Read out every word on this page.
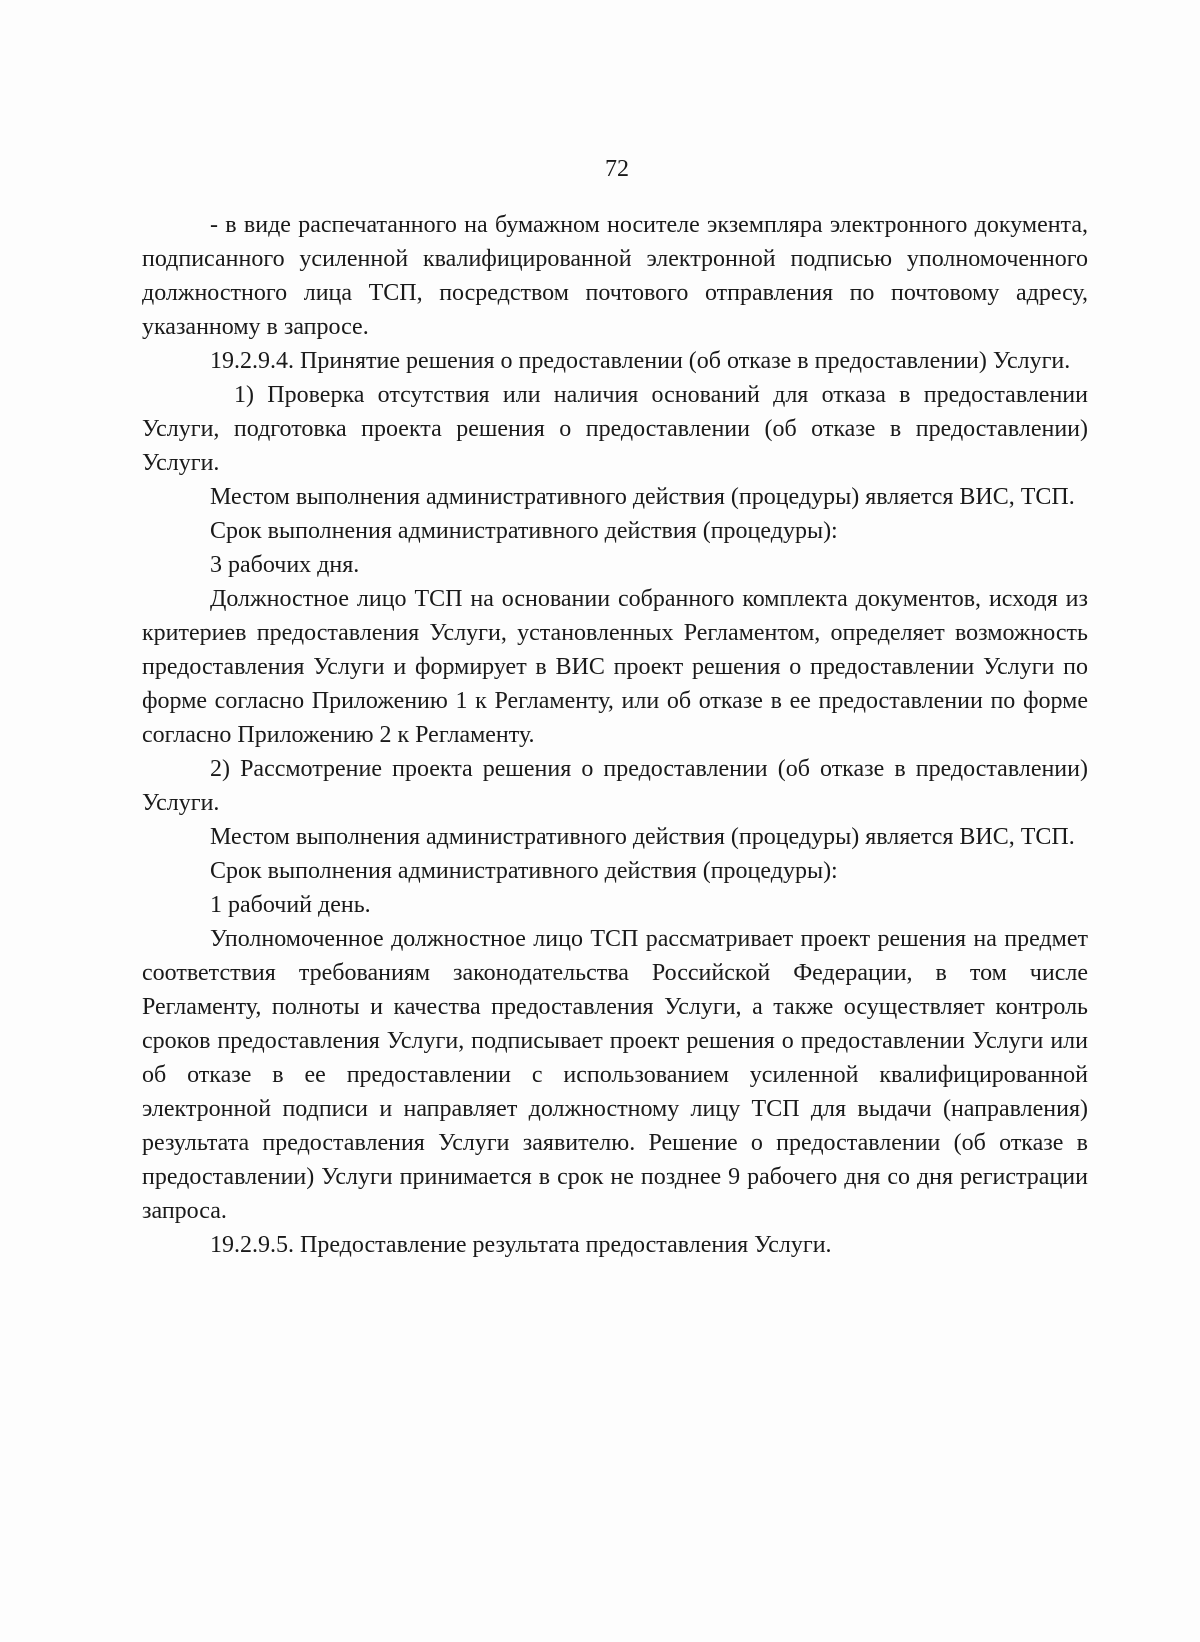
72

- в виде распечатанного на бумажном носителе экземпляра электронного документа, подписанного усиленной квалифицированной электронной подписью уполномоченного должностного лица ТСП, посредством почтового отправления по почтовому адресу, указанному в запросе.

19.2.9.4. Принятие решения о предоставлении (об отказе в предоставлении) Услуги.

1) Проверка отсутствия или наличия оснований для отказа в предоставлении Услуги, подготовка проекта решения о предоставлении (об отказе в предоставлении) Услуги.

Местом выполнения административного действия (процедуры) является ВИС, ТСП.

Срок выполнения административного действия (процедуры):

3 рабочих дня.

Должностное лицо ТСП на основании собранного комплекта документов, исходя из критериев предоставления Услуги, установленных Регламентом, определяет возможность предоставления Услуги и формирует в ВИС проект решения о предоставлении Услуги по форме согласно Приложению 1 к Регламенту, или об отказе в ее предоставлении по форме согласно Приложению 2 к Регламенту.

2) Рассмотрение проекта решения о предоставлении (об отказе в предоставлении) Услуги.

Местом выполнения административного действия (процедуры) является ВИС, ТСП.

Срок выполнения административного действия (процедуры):

1 рабочий день.

Уполномоченное должностное лицо ТСП рассматривает проект решения на предмет соответствия требованиям законодательства Российской Федерации, в том числе Регламенту, полноты и качества предоставления Услуги, а также осуществляет контроль сроков предоставления Услуги, подписывает проект решения о предоставлении Услуги или об отказе в ее предоставлении с использованием усиленной квалифицированной электронной подписи и направляет должностному лицу ТСП для выдачи (направления) результата предоставления Услуги заявителю. Решение о предоставлении (об отказе в предоставлении) Услуги принимается в срок не позднее 9 рабочего дня со дня регистрации запроса.

19.2.9.5. Предоставление результата предоставления Услуги.
